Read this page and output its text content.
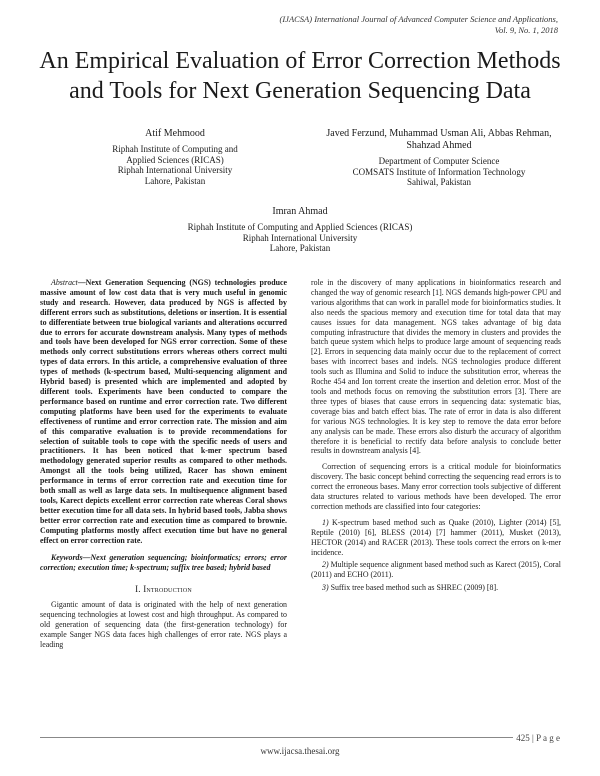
(IJACSA) International Journal of Advanced Computer Science and Applications,
Vol. 9, No. 1, 2018
An Empirical Evaluation of Error Correction Methods
and Tools for Next Generation Sequencing Data
Atif Mehmood
Riphah Institute of Computing and
Applied Sciences (RICAS)
Riphah International University
Lahore, Pakistan
Javed Ferzund, Muhammad Usman Ali, Abbas Rehman,
Shahzad Ahmed
Department of Computer Science
COMSATS Institute of Information Technology
Sahiwal, Pakistan
Imran Ahmad
Riphah Institute of Computing and Applied Sciences (RICAS)
Riphah International University
Lahore, Pakistan

Abstract—Next Generation Sequencing (NGS) technologies produce massive amount of low cost data that is very much useful in genomic study and research. However, data produced by NGS is affected by different errors such as substitutions, deletions or insertion. It is essential to differentiate between true biological variants and alterations occurred due to errors for accurate downstream analysis. Many types of methods and tools have been developed for NGS error correction. Some of these methods only correct substitutions errors whereas others correct multi types of data errors. In this article, a comprehensive evaluation of three types of methods (k-spectrum based, Multi-sequencing alignment and Hybrid based) is presented which are implemented and adopted by different tools. Experiments have been conducted to compare the performance based on runtime and error correction rate. Two different computing platforms have been used for the experiments to evaluate effectiveness of runtime and error correction rate. The mission and aim of this comparative evaluation is to provide recommendations for selection of suitable tools to cope with the specific needs of users and practitioners. It has been noticed that k-mer spectrum based methodology generated superior results as compared to other methods. Amongst all the tools being utilized, Racer has shown eminent performance in terms of error correction rate and execution time for both small as well as large data sets. In multisequence alignment based tools, Karect depicts excellent error correction rate whereas Coral shows better execution time for all data sets. In hybrid based tools, Jabba shows better error correction rate and execution time as compared to brownie. Computing platforms mostly affect execution time but have no general effect on error correction rate.

Keywords—Next generation sequencing; bioinformatics; errors; error correction; execution time; k-spectrum; suffix tree based; hybrid based

I. Introduction

Gigantic amount of data is originated with the help of next generation sequencing technologies at lowest cost and high throughput. As compared to old generation of sequencing data (the first-generation technology) for example Sanger NGS data faces high challenges of error rate. NGS plays a leading

role in the discovery of many applications in bioinformatics research and changed the way of genomic research [1]. NGS demands high-power CPU and various algorithms that can work in parallel mode for bioinformatics studies. It also needs the spacious memory and execution time for total data that may causes issues for data management. NGS takes advantage of big data computing infrastructure that divides the memory in clusters and provides the batch queue system which helps to produce large amount of sequencing reads [2]. Errors in sequencing data mainly occur due to the replacement of correct bases with incorrect bases and indels. NGS technologies produce different tools such as Illumina and Solid to induce the substitution error, whereas the Roche 454 and Ion torrent create the insertion and deletion error. Most of the tools and methods focus on removing the substitution errors [3]. There are three types of biases that cause errors in sequencing data: systematic bias, coverage bias and batch effect bias. The rate of error in data is also different for various NGS technologies. It is key step to remove the data error before any analysis can be made. These errors also disturb the accuracy of algorithm therefore it is beneficial to rectify data before analysis to conclude better results in downstream analysis [4].

Correction of sequencing errors is a critical module for bioinformatics discovery. The basic concept behind correcting the sequencing read errors is to correct the erroneous bases. Many error correction tools subjective of different data structures related to various methods have been developed. The error correction methods are classified into four categories:

1) K-spectrum based method such as Quake (2010), Lighter (2014) [5], Reptile (2010) [6], BLESS (2014) [7] hammer (2011), Musket (2013), HECTOR (2014) and RACER (2013). These tools correct the errors on k-mer incidence.

2) Multiple sequence alignment based method such as Karect (2015), Coral (2011) and ECHO (2011).

3) Suffix tree based method such as SHREC (2009) [8].

425 | P a g e
www.ijacsa.thesai.org
